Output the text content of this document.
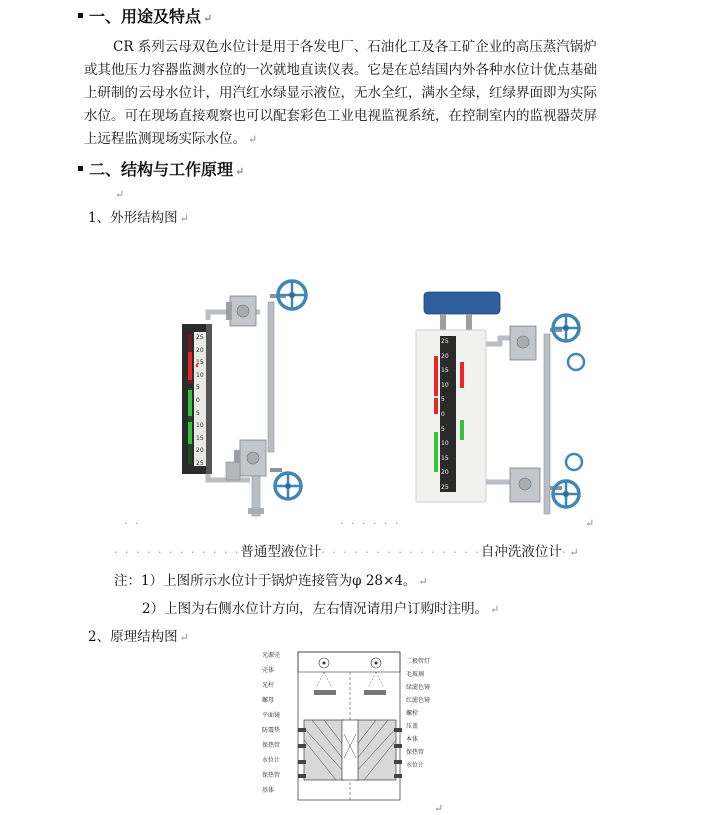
一、用途及特点 ↵
CR 系列云母双色水位计是用于各发电厂、石油化工及各工矿企业的高压蒸汽锅炉
或其他压力容器监测水位的一次就地直读仪表。它是在总结国内外各种水位计优点基础
上研制的云母水位计，用汽红水绿显示液位，无水全红，满水全绿，红绿界面即为实际
水位。可在现场直接观察也可以配套彩色工业电视监视系统，在控制室内的监视器荧屏
上远程监测现场实际水位。 ↵
二、结构与工作原理 ↵
↵
1、外形结构图 ↵
25
20
15
10
5
0
5
10
15
20
25
25
20
15
10
5
0
5
10
15
20
25
· ·	· · · · · ·	↵
· · · · · · · · · · · ·普通型液位计· · · · · · · · · · · · · · ·自冲洗液位计· ↵
注：1）上图所示水位计于锅炉连接管为φ 28×4。 ↵
2）上图为右侧水位计方向，左右情况请用户订购时注明。 ↵
2、原理结构图 ↵
光源壳
壳体
光杆
螺母
平面镜
防震垫
保热管
水位计
保热管
基体
二极管灯
毛玻璃
绿滤色镜
红滤色镜
螺栓
压盖
本体
保热管
水位计
↵
